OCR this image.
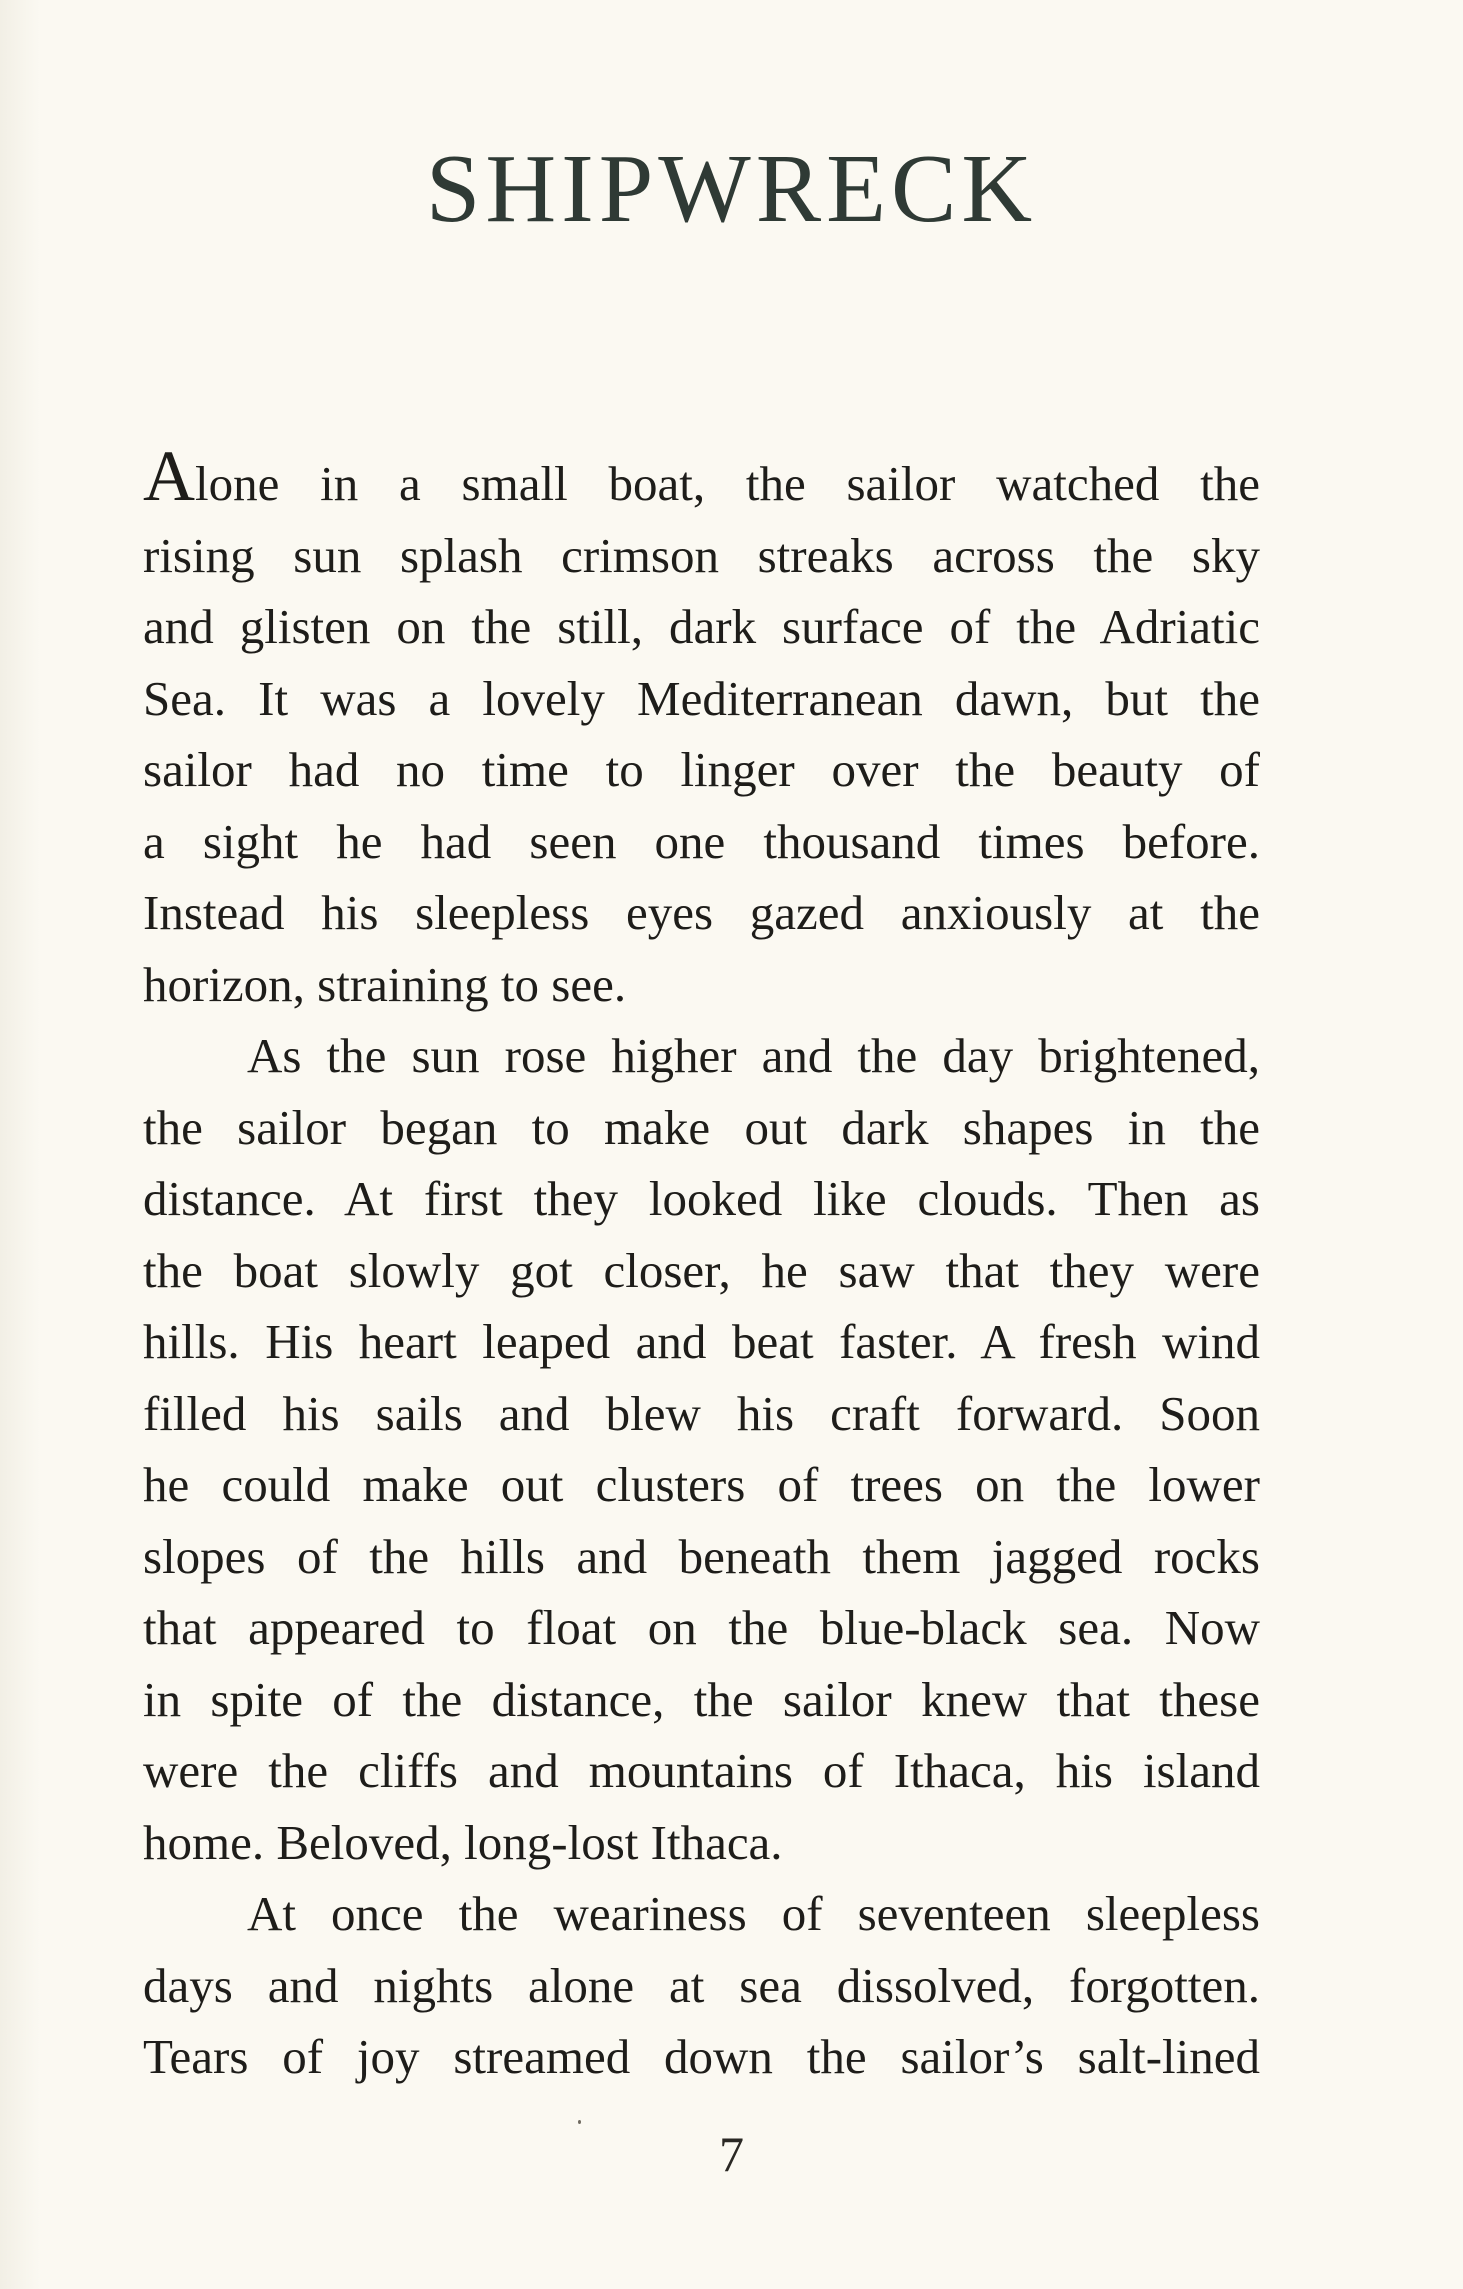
SHIPWRECK
Alone in a small boat, the sailor watched the
rising sun splash crimson streaks across the sky
and glisten on the still, dark surface of the Adriatic
Sea. It was a lovely Mediterranean dawn, but the
sailor had no time to linger over the beauty of
a sight he had seen one thousand times before.
Instead his sleepless eyes gazed anxiously at the
horizon, straining to see.
As the sun rose higher and the day brightened,
the sailor began to make out dark shapes in the
distance. At first they looked like clouds. Then as
the boat slowly got closer, he saw that they were
hills. His heart leaped and beat faster. A fresh wind
filled his sails and blew his craft forward. Soon
he could make out clusters of trees on the lower
slopes of the hills and beneath them jagged rocks
that appeared to float on the blue-black sea. Now
in spite of the distance, the sailor knew that these
were the cliffs and mountains of Ithaca, his island
home. Beloved, long-lost Ithaca.
At once the weariness of seventeen sleepless
days and nights alone at sea dissolved, forgotten.
Tears of joy streamed down the sailor’s salt-lined
7
